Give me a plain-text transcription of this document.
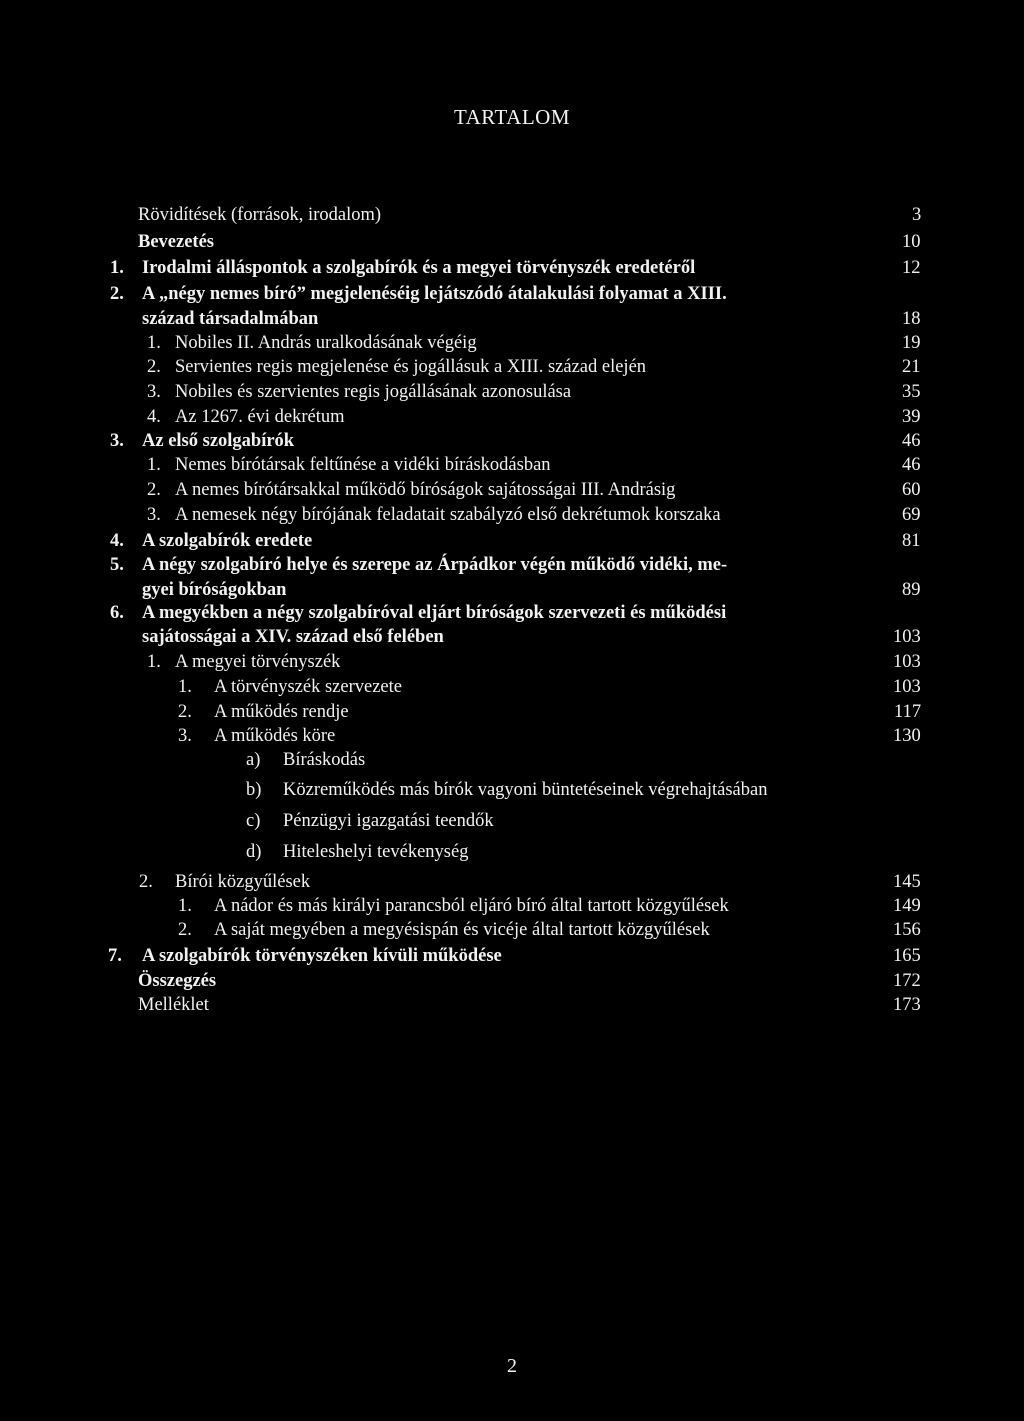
TARTALOM
Rövidítések (források, irodalom)	3
Bevezetés	10
1. Irodalmi álláspontok a szolgabírók és a megyei törvényszék eredetéről	12
2. A „négy nemes bíró” megjelenéséig lejátszódó átalakulási folyamat a XIII.
század társadalmában	18
1. Nobiles II. András uralkodásának végéig	19
2. Servientes regis megjelenése és jogállásuk a XIII. század elején	21
3. Nobiles és szervientes regis jogállásának azonosulása	35
4. Az 1267. évi dekrétum	39
3. Az első szolgabírók	46
1. Nemes bírótársak feltűnése a vidéki bíráskodásban	46
2. A nemes bírótársakkal működő bíróságok sajátosságai III. Andrásig	60
3. A nemesek négy bírójának feladatait szabályzó első dekrétumok korszaka	69
4. A szolgabírók eredete	81
5. A négy szolgabíró helye és szerepe az Árpádkor végén működő vidéki, me-
gyei bíróságokban	89
6. A megyékben a négy szolgabíróval eljárt bíróságok szervezeti és működési
sajátosságai a XIV. század első felében	103
1. A megyei törvényszék	103
1. A törvényszék szervezete	103
2. A működés rendje	117
3. A működés köre	130
a) Bíráskodás
b) Közreműködés más bírók vagyoni büntetéseinek végrehajtásában
c) Pénzügyi igazgatási teendők
d) Hiteleshelyi tevékenység
2. Bírói közgyűlések	145
1. A nádor és más királyi parancsból eljáró bíró által tartott közgyűlések	149
2. A saját megyében a megyésispán és vicéje által tartott közgyűlések	156
7. A szolgabírók törvényszéken kívüli működése	165
Összegzés	172
Melléklet	173
2
